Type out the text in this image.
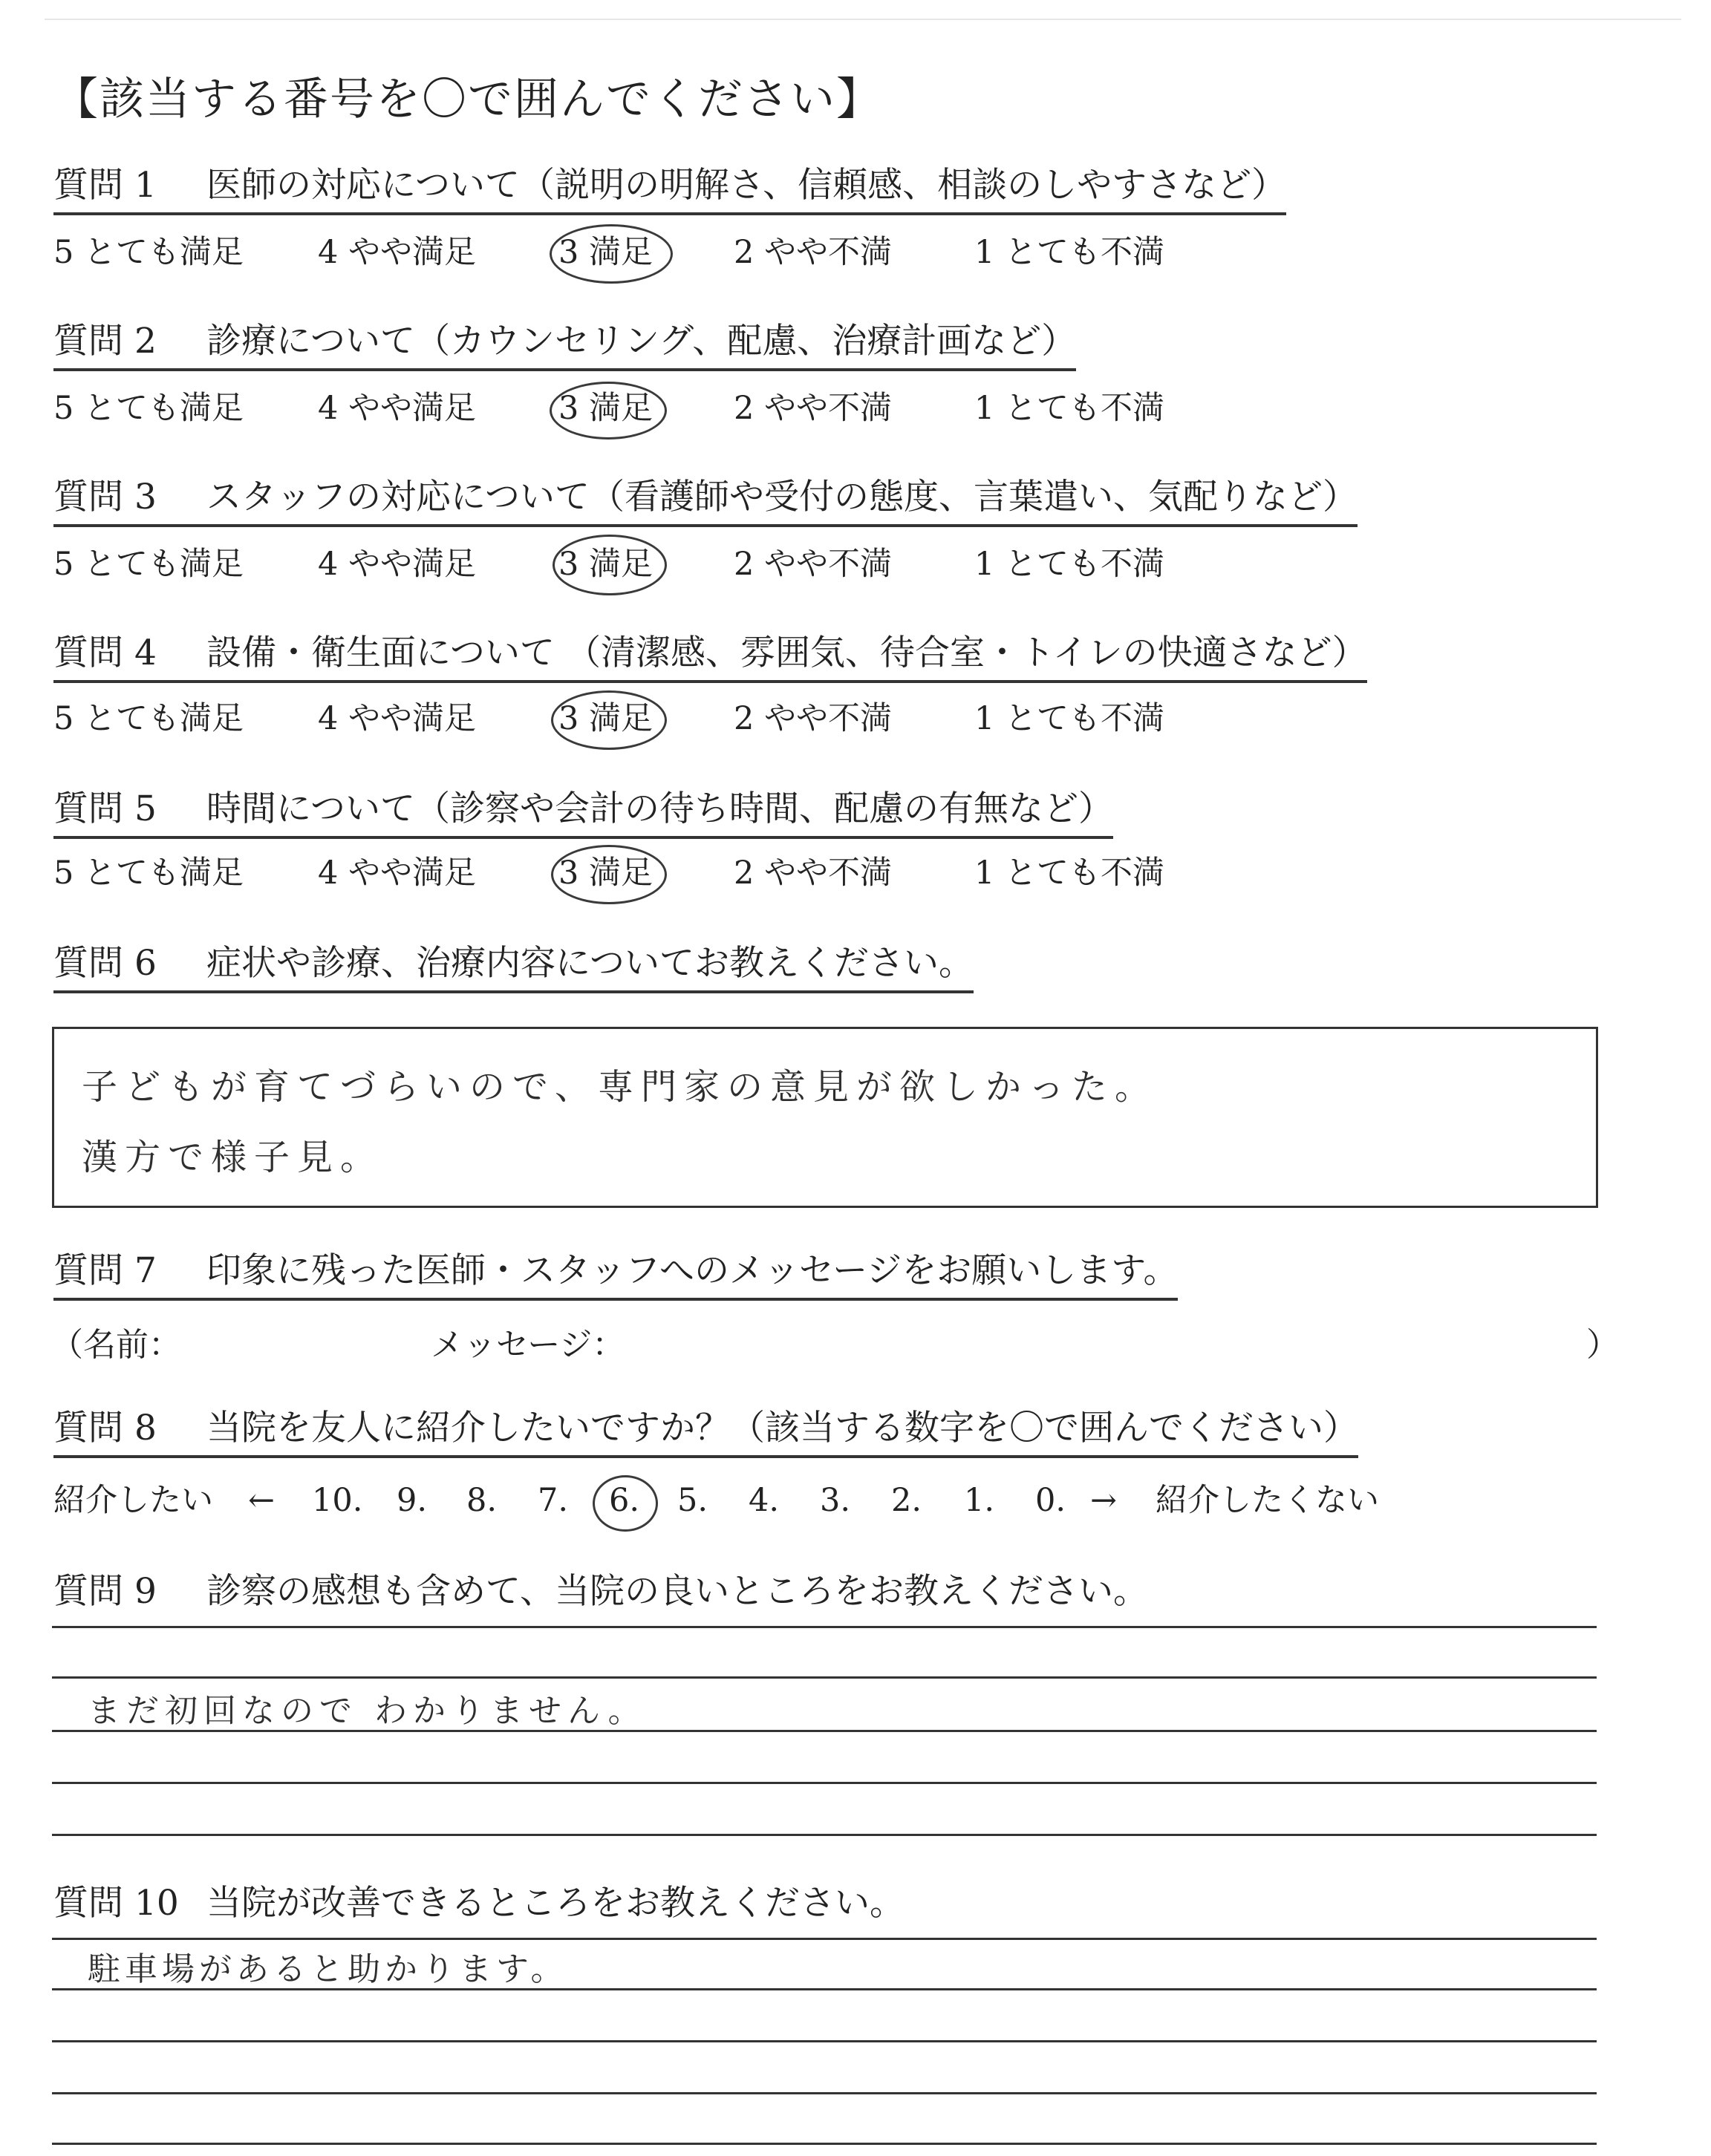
【該当する番号を〇で囲んでください】
質問 1 医師の対応について（説明の明解さ、信頼感、相談のしやすさなど）
5 とても満足 4 やや満足	3 満足	2 やや不満	1 とても不満
質問 2 診療について（カウンセリング、配慮、治療計画など）
5 とても満足 4 やや満足	3 満足	2 やや不満	1 とても不満
質問 3 スタッフの対応について（看護師や受付の態度、言葉遣い、気配りなど）
5 とても満足 4 やや満足	3 満足	2 やや不満	1 とても不満
質問 4 設備・衛生面について （清潔感、雰囲気、待合室・トイレの快適さなど）
5 とても満足 4 やや満足	3 満足	2 やや不満	1 とても不満
質問 5 時間について（診察や会計の待ち時間、配慮の有無など）
5 とても満足 4 やや満足	3 満足	2 やや不満	1 とても不満
質問 6 症状や診療、治療内容についてお教えください。
子どもが育てづらいので、専門家の意見が欲しかった。
漢方で様子見。
質問 7 印象に残った医師・スタッフへのメッセージをお願いします。
（名前：	メッセージ：	）
質問 8 当院を友人に紹介したいですか？（該当する数字を〇で囲んでください）
紹介したい ← 10. 9. 8. 7. 6. 5. 4. 3. 2. 1. 0. → 紹介したくない
質問 9 診察の感想も含めて、当院の良いところをお教えください。
まだ初回なので わかりません。
質問 10 当院が改善できるところをお教えください。
駐車場があると助かります。
